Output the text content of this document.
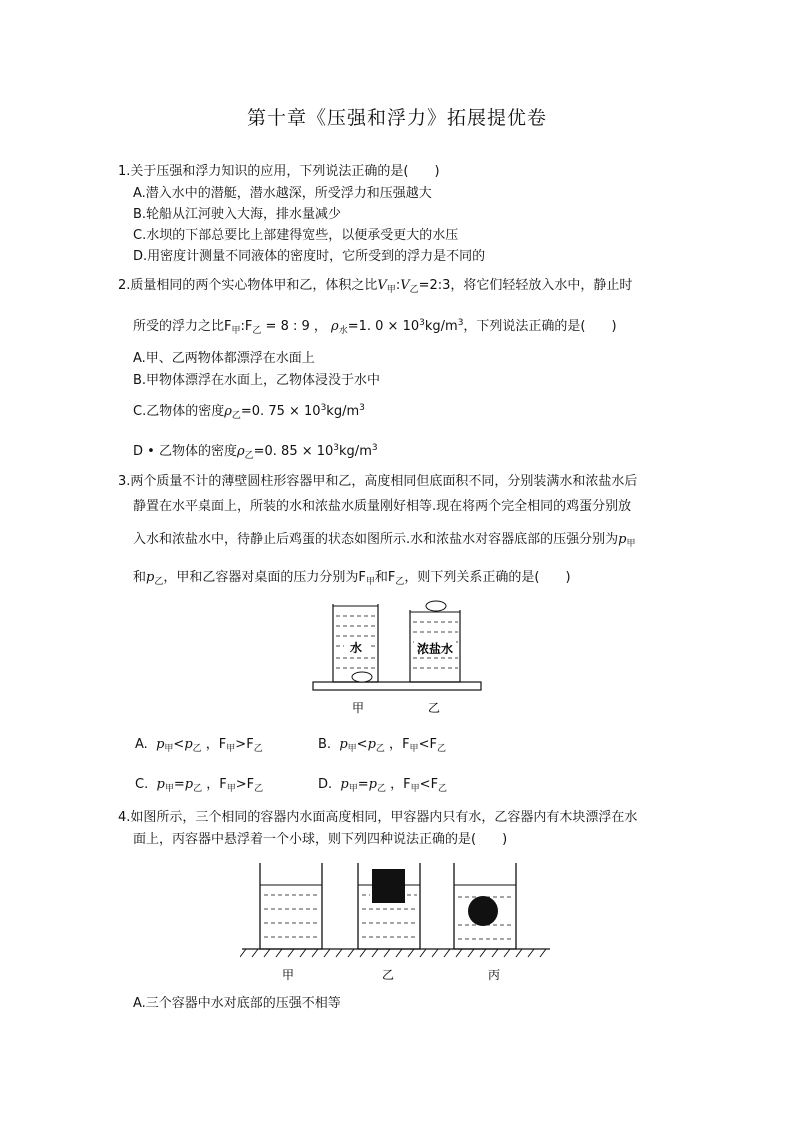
第十章《压强和浮力》拓展提优卷
1.关于压强和浮力知识的应用，下列说法正确的是(　　)
A.潜入水中的潜艇，潜水越深，所受浮力和压强越大
B.轮船从江河驶入大海，排水量减少
C.水坝的下部总要比上部建得宽些，以便承受更大的水压
D.用密度计测量不同液体的密度时，它所受到的浮力是不同的
2.质量相同的两个实心物体甲和乙，体积之比$V_甲:V_乙=2:3$，将它们轻轻放入水中，静止时
所受的浮力之比$F_甲:F_乙 = 8$ : 9 ， $\rho_水=1$. $0 \times 10^3kg/m^3$，下列说法正确的是(　　)
A.甲、乙两物体都漂浮在水面上
B.甲物体漂浮在水面上，乙物体浸没于水中
C.乙物体的密度$\rho_乙=0$. $75 \times 10^3kg/m^3$
D • 乙物体的密度$\rho_乙=0$. $85 \times 10^3kg/m^3$
3.两个质量不计的薄壁圆柱形容器甲和乙，高度相同但底面积不同，分别装满水和浓盐水后
静置在水平桌面上，所装的水和浓盐水质量刚好相等.现在将两个完全相同的鸡蛋分别放
入水和浓盐水中，待静止后鸡蛋的状态如图所示.水和浓盐水对容器底部的压强分别为$p_甲$
和$p_乙$，甲和乙容器对桌面的压力分别为$F_甲$和$F_乙$，则下列关系正确的是(　　)
水	浓盐水
甲	乙
A. $p_甲<p_乙$ ，$F_甲>F_乙$	B. $p_甲<p_乙$ ，$F_甲<F_乙$
C. $p_甲=p_乙$ ，$F_甲>F_乙$	D. $p_甲=p_乙$ ，$F_甲<F_乙$
4.如图所示，三个相同的容器内水面高度相同，甲容器内只有水，乙容器内有木块漂浮在水
面上，丙容器中悬浮着一个小球，则下列四种说法正确的是(　　)
甲	乙	丙
A.三个容器中水对底部的压强不相等
